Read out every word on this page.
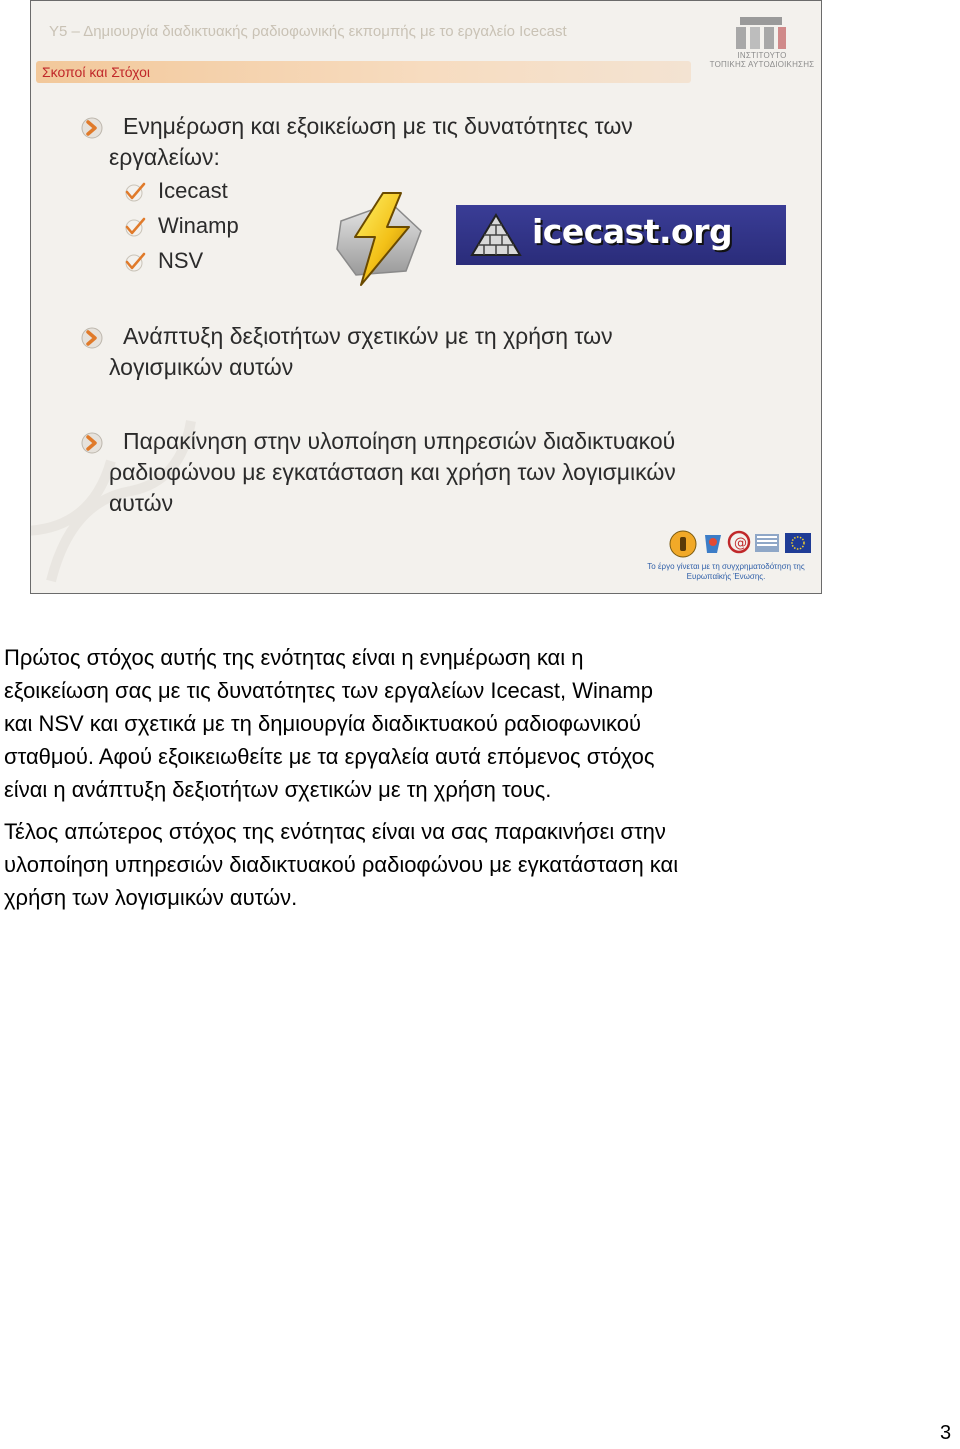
Υ5 – Δημιουργία διαδικτυακής ραδιοφωνικής εκπομπής με το εργαλείο Icecast
Σκοποί και Στόχοι
ΙΝΣΤΙΤΟΥΤΟ
ΤΟΠΙΚΗΣ ΑΥΤΟΔΙΟΙΚΗΣΗΣ
Ενημέρωση και εξοικείωση με τις δυνατότητες των
εργαλείων:
Icecast
Winamp
NSV
icecast.org
Ανάπτυξη δεξιοτήτων σχετικών με τη χρήση των
λογισμικών αυτών
Παρακίνηση στην υλοποίηση υπηρεσιών διαδικτυακού
ραδιοφώνου με εγκατάσταση και χρήση των λογισμικών
αυτών
@
Το έργο γίνεται με τη συγχρηματοδότηση της
Ευρωπαϊκής Ένωσης.
Πρώτος στόχος αυτής της ενότητας είναι η ενημέρωση και η
εξοικείωση σας με τις δυνατότητες των εργαλείων Icecast, Winamp
και NSV και σχετικά με τη δημιουργία διαδικτυακού ραδιοφωνικού
σταθμού. Αφού εξοικειωθείτε με τα εργαλεία αυτά επόμενος στόχος
είναι η ανάπτυξη δεξιοτήτων σχετικών με τη χρήση τους.
Τέλος απώτερος στόχος της ενότητας είναι να σας παρακινήσει στην
υλοποίηση υπηρεσιών διαδικτυακού ραδιοφώνου με εγκατάσταση και
χρήση των λογισμικών αυτών.
3
